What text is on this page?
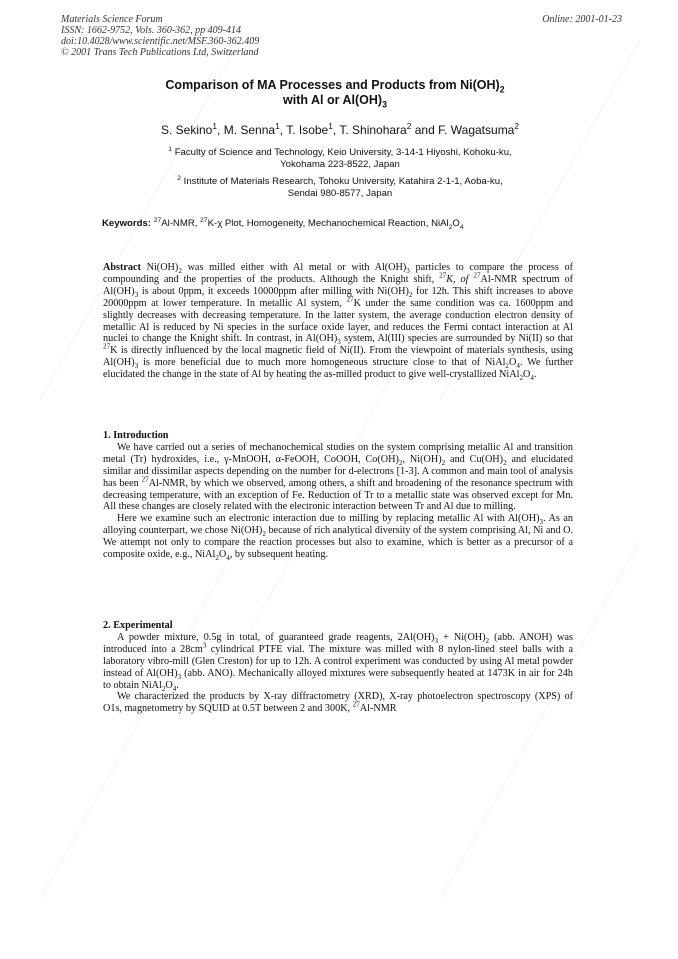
Materials Science Forum
ISSN: 1662-9752, Vols. 360-362, pp 409-414
doi:10.4028/www.scientific.net/MSF.360-362.409
© 2001 Trans Tech Publications Ltd, Switzerland
Online: 2001-01-23
Comparison of MA Processes and Products from $Ni(OH)_2$
with Al or $Al(OH)_3$
S. Sekino$^1$, M. Senna$^1$, T. Isobe$^1$, T. Shinohara$^2$ and F. Wagatsuma$^2$
$^1$ Faculty of Science and Technology, Keio University, 3-14-1 Hiyoshi, Kohoku-ku,
Yokohama 223-8522, Japan
$^2$ Institute of Materials Research, Tohoku University, Katahira 2-1-1, Aoba-ku,
Sendai 980-8577, Japan
Keywords: $^{27}$Al-NMR, $^{27}$K-χ Plot, Homogeneity, Mechanochemical Reaction, $NiAl_2O_4$

Abstract $Ni(OH)_2$ was milled either with Al metal or with $Al(OH)_3$ particles to compare the process of compounding and the properties of the products. Although the Knight shift, $^{27}$K, of $^{27}$Al-NMR spectrum of $Al(OH)_3$ is about 0ppm, it exceeds 10000ppm after milling with $Ni(OH)_2$ for 12h. This shift increases to above 20000ppm at lower temperature. In metallic Al system, $^{27}$K under the same condition was ca. 1600ppm and slightly decreases with decreasing temperature. In the latter system, the average conduction electron density of metallic Al is reduced by Ni species in the surface oxide layer, and reduces the Fermi contact interaction at Al nuclei to change the Knight shift. In contrast, in $Al(OH)_3$ system, Al(III) species are surrounded by Ni(II) so that $^{27}$K is directly influenced by the local magnetic field of Ni(II). From the viewpoint of materials synthesis, using $Al(OH)_3$ is more beneficial due to much more homogeneous structure close to that of $NiAl_2O_4$. We further elucidated the change in the state of Al by heating the as-milled product to give well-crystallized $NiAl_2O_4$.

1. Introduction

We have carried out a series of mechanochemical studies on the system comprising metallic Al and transition metal (Tr) hydroxides, i.e., γ-MnOOH, α-FeOOH, CoOOH, $Co(OH)_2$, $Ni(OH)_2$ and $Cu(OH)_2$ and elucidated similar and dissimilar aspects depending on the number for d-electrons [1-3]. A common and main tool of analysis has been $^{27}$Al-NMR, by which we observed, among others, a shift and broadening of the resonance spectrum with decreasing temperature, with an exception of Fe. Reduction of Tr to a metallic state was observed except for Mn. All these changes are closely related with the electronic interaction between Tr and Al due to milling.

Here we examine such an electronic interaction due to milling by replacing metallic Al with $Al(OH)_3$. As an alloying counterpart, we chose $Ni(OH)_2$ because of rich analytical diversity of the system comprising Al, Ni and O. We attempt not only to compare the reaction processes but also to examine, which is better as a precursor of a composite oxide, e.g., $NiAl_2O_4$, by subsequent heating.

2. Experimental

A powder mixture, 0.5g in total, of guaranteed grade reagents, $2Al(OH)_3 + Ni(OH)_2$ (abb. ANOH) was introduced into a $28cm^3$ cylindrical PTFE vial. The mixture was milled with 8 nylon-lined steel balls with a laboratory vibro-mill (Glen Creston) for up to 12h. A control experiment was conducted by using Al metal powder instead of $Al(OH)_3$ (abb. ANO). Mechanically alloyed mixtures were subsequently heated at 1473K in air for 24h to obtain $NiAl_2O_4$.

We characterized the products by X-ray diffractometry (XRD), X-ray photoelectron spectroscopy (XPS) of O1s, magnetometry by SQUID at 0.5T between 2 and 300K, $^{27}$Al-NMR
